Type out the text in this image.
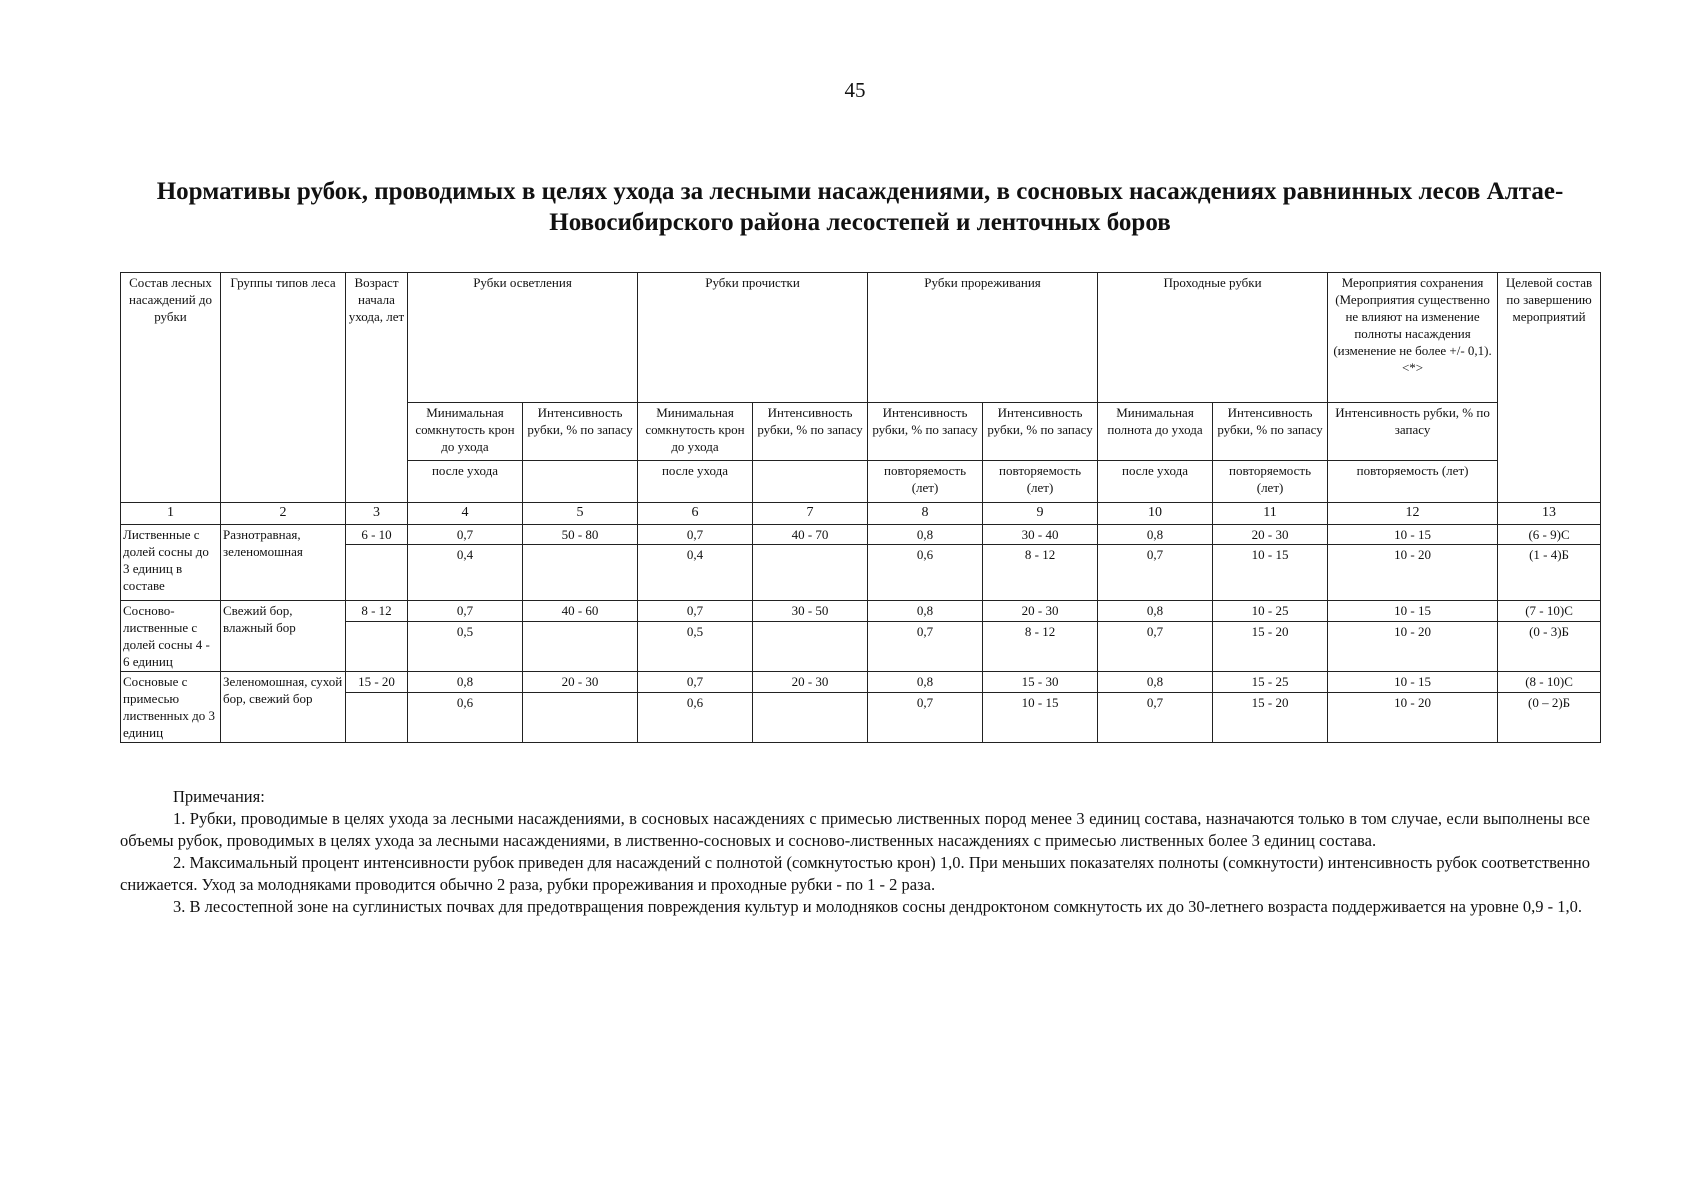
45
Нормативы рубок, проводимых в целях ухода за лесными насаждениями, в сосновых насаждениях равнинных лесов Алтае-Новосибирского района лесостепей и ленточных боров
Состав лесных насаждений до рубки	Группы типов леса	Возраст начала ухода, лет	Рубки осветления		Рубки прочистки		Рубки прореживания		Проходные рубки		Мероприятия сохранения (Мероприятия существенно не влияют на изменение полноты насаждения (изменение не более +/- 0,1). <*>	Целевой состав по завершению мероприятий
			Минимальная сомкнутость крон до ухода	Интенсивность рубки, % по запасу	Минимальная сомкнутость крон до ухода	Интенсивность рубки, % по запасу	Интенсивность рубки, % по запасу	Интенсивность рубки, % по запасу	Минимальная полнота до ухода	Интенсивность рубки, % по запасу	Интенсивность рубки, % по запасу	
			после ухода		после ухода		повторяемость (лет)	повторяемость (лет)	после ухода	повторяемость (лет)	повторяемость (лет)	
1	2	3	4	5	6	7	8	9	10	11	12	13
Лиственные с долей сосны до 3 единиц в составе	Разнотравная, зеленомошная	6 - 10	0,7	50 - 80	0,7	40 - 70	0,8	30 - 40	0,8	20 - 30	10 - 15	(6 - 9)С
			0,4		0,4		0,6	8 - 12	0,7	10 - 15	10 - 20	(1 - 4)Б
Сосново-лиственные с долей сосны 4 - 6 единиц	Свежий бор, влажный бор	8 - 12	0,7	40 - 60	0,7	30 - 50	0,8	20 - 30	0,8	10 - 25	10 - 15	(7 - 10)С
			0,5		0,5		0,7	8 - 12	0,7	15 - 20	10 - 20	(0 - 3)Б
Сосновые с примесью лиственных до 3 единиц	Зеленомошная, сухой бор, свежий бор	15 - 20	0,8	20 - 30	0,7	20 - 30	0,8	15 - 30	0,8	15 - 25	10 - 15	(8 - 10)С
			0,6		0,6		0,7	10 - 15	0,7	15 - 20	10 - 20	(0 – 2)Б

Примечания:

1. Рубки, проводимые в целях ухода за лесными насаждениями, в сосновых насаждениях с примесью лиственных пород менее 3 единиц состава, назначаются только в том случае, если выполнены все объемы рубок, проводимых в целях ухода за лесными насаждениями, в лиственно-сосновых и сосново-лиственных насаждениях с примесью лиственных более 3 единиц состава.

2. Максимальный процент интенсивности рубок приведен для насаждений с полнотой (сомкнутостью крон) 1,0. При меньших показателях полноты (сомкнутости) интенсивность рубок соответственно снижается. Уход за молодняками проводится обычно 2 раза, рубки прореживания и проходные рубки - по 1 - 2 раза.

3. В лесостепной зоне на суглинистых почвах для предотвращения повреждения культур и молодняков сосны дендроктоном сомкнутость их до 30-летнего возраста поддерживается на уровне 0,9 - 1,0.
